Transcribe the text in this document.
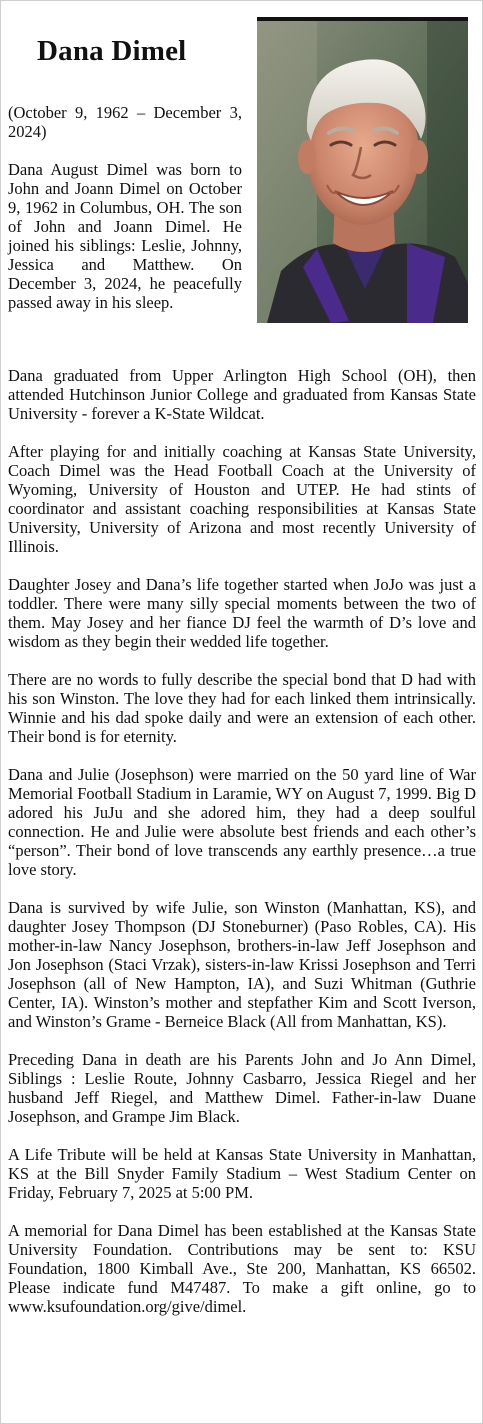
Dana Dimel

(October 9, 1962 – December 3, 2024)

Dana August Dimel was born to John and Joann Dimel on October 9, 1962 in Columbus, OH. The son of John and Joann Dimel. He joined his siblings: Leslie, Johnny, Jessica and Matthew. On December 3, 2024, he peacefully passed away in his sleep.

Dana graduated from Upper Arlington High School (OH), then attended Hutchinson Junior College and graduated from Kansas State University - forever a K-State Wildcat.

After playing for and initially coaching at Kansas State University, Coach Dimel was the Head Football Coach at the University of Wyoming, University of Houston and UTEP. He had stints of coordinator and assistant coaching responsibilities at Kansas State University, University of Arizona and most recently University of Illinois.

Daughter Josey and Dana’s life together started when JoJo was just a toddler. There were many silly special moments between the two of them. May Josey and her fiance DJ feel the warmth of D’s love and wisdom as they begin their wedded life together.

There are no words to fully describe the special bond that D had with his son Winston. The love they had for each linked them intrinsically. Winnie and his dad spoke daily and were an extension of each other. Their bond is for eternity.

Dana and Julie (Josephson) were married on the 50 yard line of War Memorial Football Stadium in Laramie, WY on August 7, 1999. Big D adored his JuJu and she adored him, they had a deep soulful connection. He and Julie were absolute best friends and each other’s “person”. Their bond of love transcends any earthly presence…a true love story.

Dana is survived by wife Julie, son Winston (Manhattan, KS), and daughter Josey Thompson (DJ Stoneburner) (Paso Robles, CA). His mother-in-law Nancy Josephson, brothers-in-law Jeff Josephson and Jon Josephson (Staci Vrzak), sisters-in-law Krissi Josephson and Terri Josephson (all of New Hampton, IA), and Suzi Whitman (Guthrie Center, IA). Winston’s mother and stepfather Kim and Scott Iverson, and Winston’s Grame - Berneice Black (All from Manhattan, KS).

Preceding Dana in death are his Parents John and Jo Ann Dimel, Siblings : Leslie Route, Johnny Casbarro, Jessica Riegel and her husband Jeff Riegel, and Matthew Dimel. Father-in-law Duane Josephson, and Grampe Jim Black.

A Life Tribute will be held at Kansas State University in Manhattan, KS at the Bill Snyder Family Stadium – West Stadium Center on Friday, February 7, 2025 at 5:00 PM.

A memorial for Dana Dimel has been established at the Kansas State University Foundation. Contributions may be sent to: KSU Foundation, 1800 Kimball Ave., Ste 200, Manhattan, KS 66502. Please indicate fund M47487. To make a gift online, go to www.ksufoundation.org/give/dimel.
